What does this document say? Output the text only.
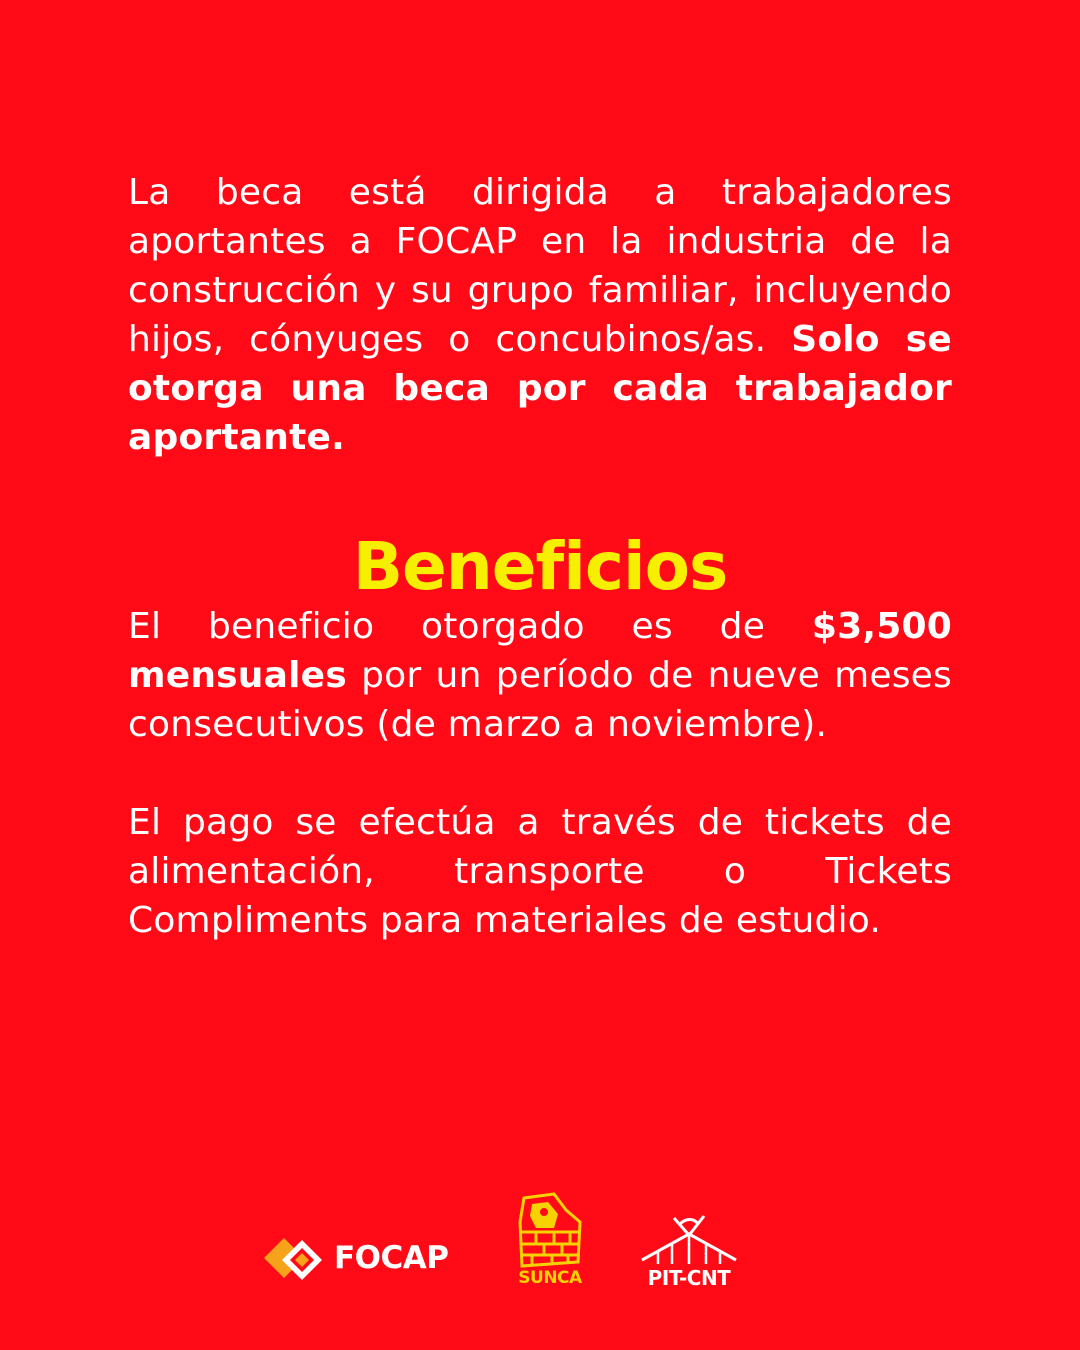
La beca está dirigida a trabajadores aportantes a FOCAP en la industria de la construcción y su grupo familiar, incluyendo hijos, cónyuges o concubinos/as. Solo se otorga una beca por cada trabajador aportante.

Beneficios

El beneficio otorgado es de $3,500 mensuales por un período de nueve meses consecutivos (de marzo a noviembre).

El pago se efectúa a través de tickets de alimentación, transporte o Tickets Compliments para materiales de estudio.

FOCAP
SUNCA	PIT-CNT
